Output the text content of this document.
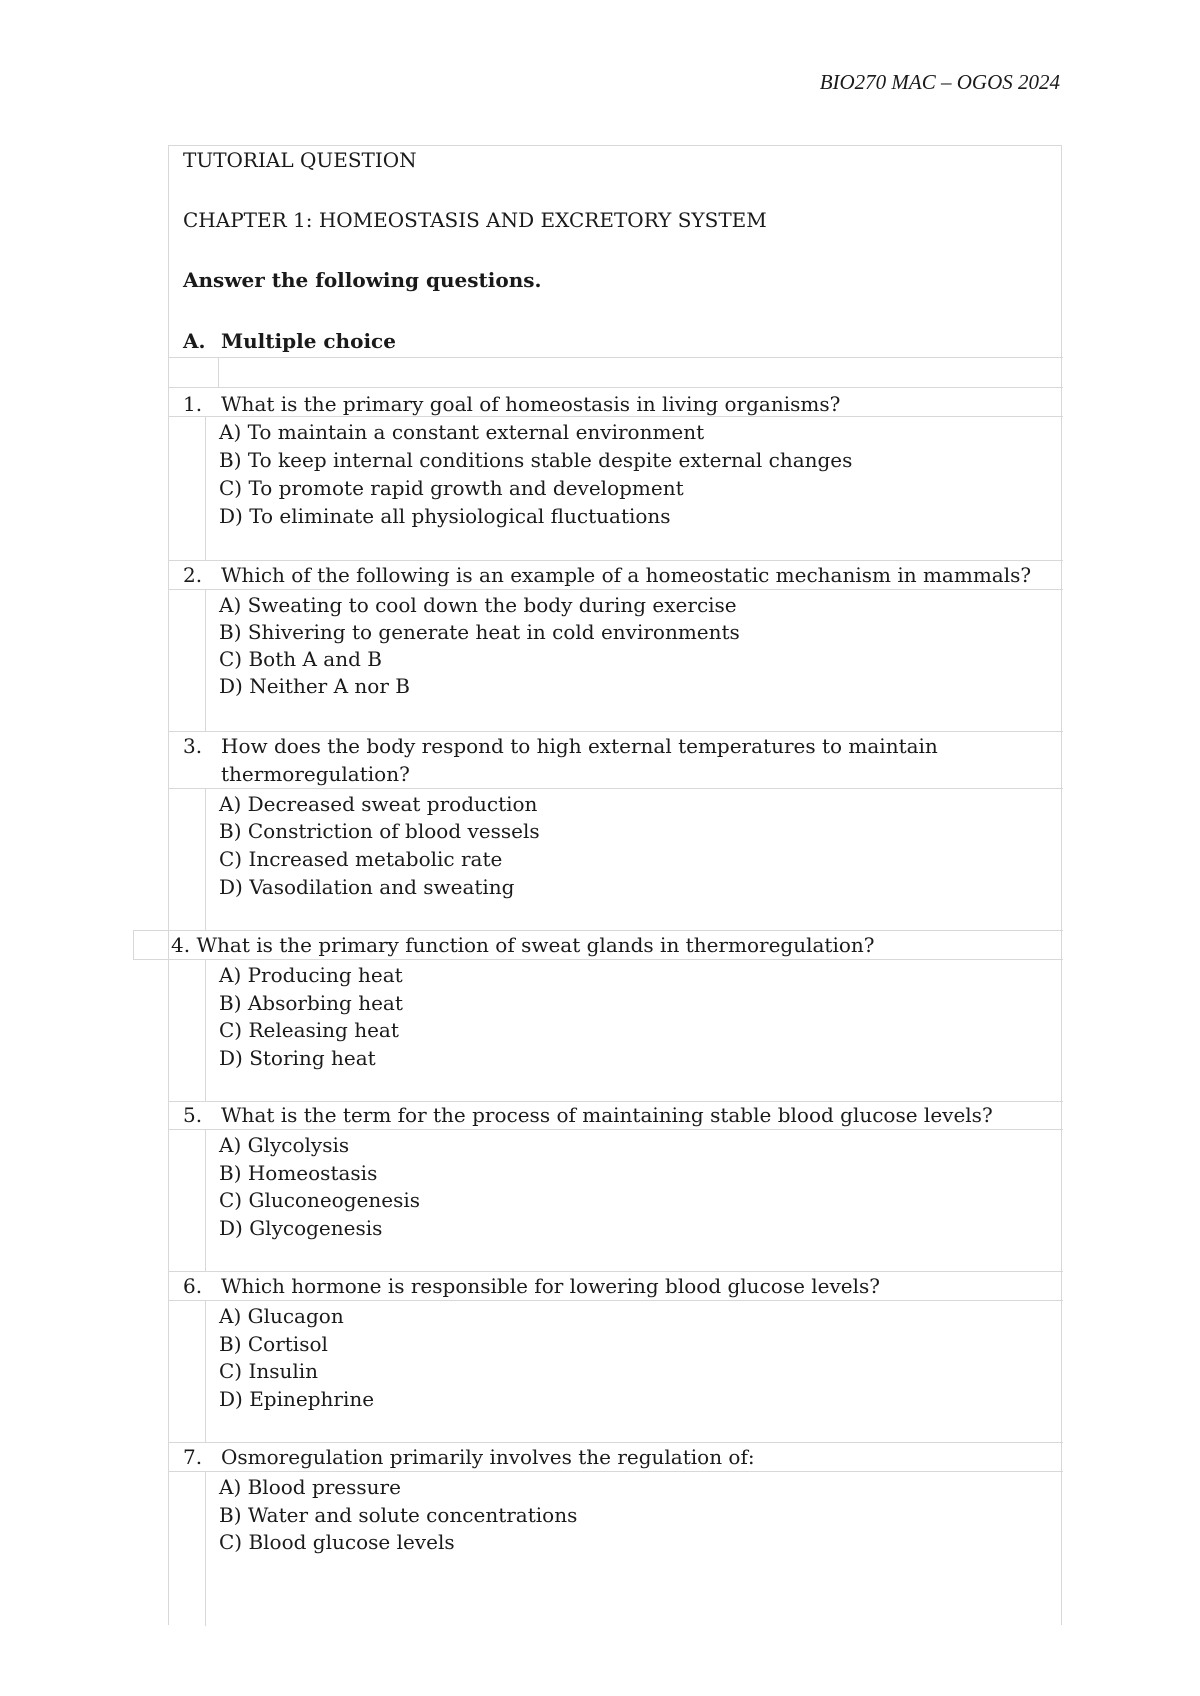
BIO270 MAC – OGOS 2024
TUTORIAL QUESTION
CHAPTER 1: HOMEOSTASIS AND EXCRETORY SYSTEM
Answer the following questions.
A. Multiple choice
1. What is the primary goal of homeostasis in living organisms?
A) To maintain a constant external environment
B) To keep internal conditions stable despite external changes
C) To promote rapid growth and development
D) To eliminate all physiological fluctuations
2. Which of the following is an example of a homeostatic mechanism in mammals?
A) Sweating to cool down the body during exercise
B) Shivering to generate heat in cold environments
C) Both A and B
D) Neither A nor B
3. How does the body respond to high external temperatures to maintain
thermoregulation?
A) Decreased sweat production
B) Constriction of blood vessels
C) Increased metabolic rate
D) Vasodilation and sweating
4. What is the primary function of sweat glands in thermoregulation?
A) Producing heat
B) Absorbing heat
C) Releasing heat
D) Storing heat
5. What is the term for the process of maintaining stable blood glucose levels?
A) Glycolysis
B) Homeostasis
C) Gluconeogenesis
D) Glycogenesis
6. Which hormone is responsible for lowering blood glucose levels?
A) Glucagon
B) Cortisol
C) Insulin
D) Epinephrine
7. Osmoregulation primarily involves the regulation of:
A) Blood pressure
B) Water and solute concentrations
C) Blood glucose levels
